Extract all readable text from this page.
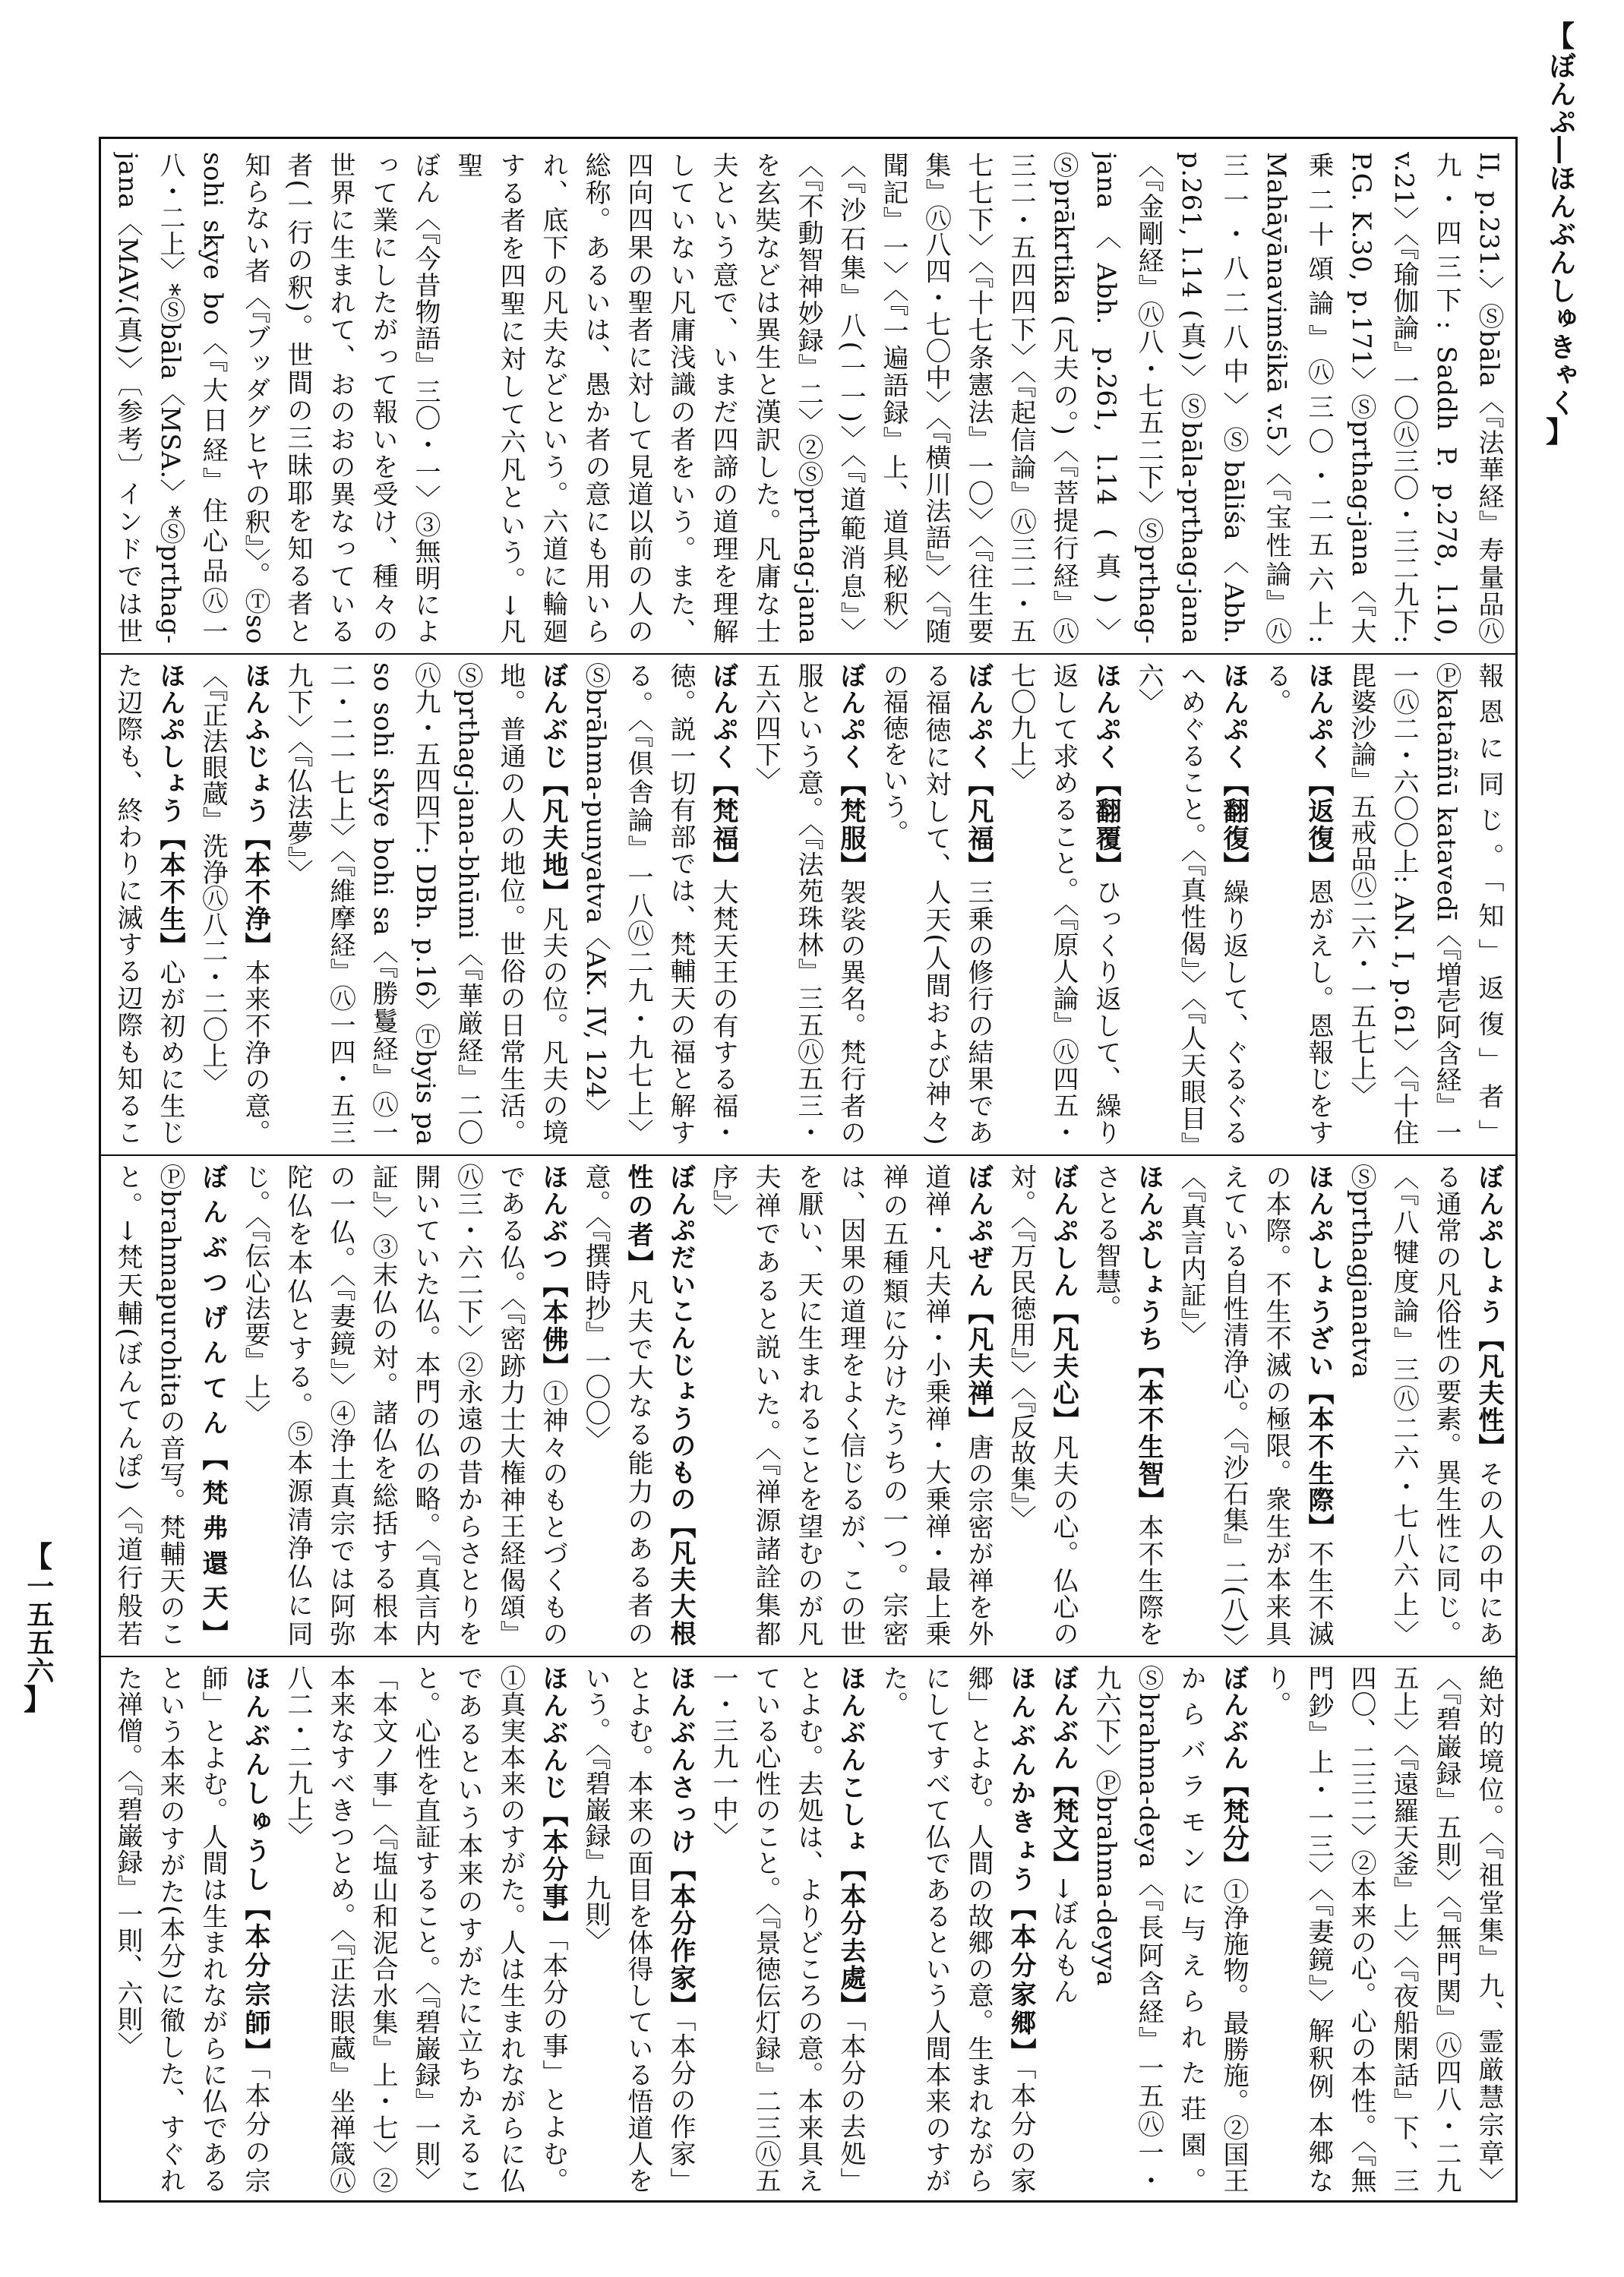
【
ぼんぷ―ほんぶんしゅきゃく
】
【
一五五六
】

II, p.231.〉Ⓢbāla〈『法華経』寿量品㊇九・四三下: Saddh P. p.278, l.10, v.21〉〈『瑜伽論』一〇㊇三〇・三二九下: P.G. K.30, p.171〉Ⓢprthag-jana〈『大乗二十頌論』㊇三〇・二五六上: Mahāyānavimśikā v.5〉〈『宝性論』㊇三一・八二八中〉Ⓢbāliśa〈Abh. p.261, l.14 (真)〉Ⓢbāla-prthag-jana〈『金剛経』㊇八・七五二下〉Ⓢprthag-jana〈Abh. p.261, l.14 (真)〉Ⓢprākrtika (凡夫の。)〈『菩提行経』㊇三二・五四四下〉〈『起信論』㊇三二・五七七下〉〈『十七条憲法』一〇〉〈『往生要集』㊇八四・七〇中〉〈『横川法語』〉〈『随聞記』一〉〈『一遍語録』上、道具秘釈〉〈『沙石集』八(一一)〉〈『道範消息』〉〈『不動智神妙録』二〉②Ⓢprthag-janaを玄奘などは異生と漢訳した。凡庸な士夫という意で、いまだ四諦の道理を理解していない凡庸浅識の者をいう。また、四向四果の聖者に対して見道以前の人の総称。あるいは、愚か者の意にも用いられ、底下の凡夫などという。六道に輪廻する者を四聖に対して六凡という。→凡聖

ぼん〈『今昔物語』三〇・一〉③無明によって業にしたがって報いを受け、種々の世界に生まれて、おのおの異なっている者(一行の釈)。世間の三昧耶を知る者と知らない者〈『ブッダグヒヤの釈』〉。Ⓣso sohi skye bo〈『大日経』住心品㊇一八・二上〉*Ⓢbāla〈MSA.〉*Ⓢprthag-jana〈MAV.(真)〉〔参考〕インドでは世

報恩に同じ。「知」返復」者」Ⓟkataññū katavedī〈『増壱阿含経』一一㊇二・六〇〇上: AN. I, p.61〉〈『十住毘婆沙論』五戒品㊇二六・一五七上〉

ほんぷく【返復】恩がえし。恩報じをする。

ほんぷく【翻復】繰り返して、ぐるぐるへめぐること。〈『真性偈』〉〈『人天眼目』六〉

ほんぷく【翻覆】ひっくり返して、繰り返して求めること。〈『原人論』㊇四五・七〇九上〉

ぼんぷく【凡福】三乗の修行の結果である福徳に対して、人天(人間および神々)の福徳をいう。

ぼんぷく【梵服】袈裟の異名。梵行者の服という意。〈『法苑珠林』三五㊇五三・五六四下〉

ぼんぷく【梵福】大梵天王の有する福・徳。説一切有部では、梵輔天の福と解する。〈『倶舎論』一八㊇二九・九七上〉Ⓢbrāhma-punyatva〈AK. IV, 124〉

ぼんぶじ【凡夫地】凡夫の位。凡夫の境地。普通の人の地位。世俗の日常生活。Ⓢprthag-jana-bhūmi〈『華厳経』二〇㊇九・五四四下: DBh. p.16〉Ⓣbyis pa so sohi skye bohi sa〈『勝鬘経』㊇一二・二一七上〉〈『維摩経』㊇一四・五三九下〉〈『仏法夢』〉

ほんふじょう【本不浄】本来不浄の意。〈『正法眼蔵』洗浄㊇八二・二〇上〉

ほんぷしょう【本不生】心が初めに生じた辺際も、終わりに滅する辺際も知るこ

ぼんぷしょう【凡夫性】その人の中にある通常の凡俗性の要素。異生性に同じ。〈『八犍度論』三㊇二六・七八六上〉Ⓢprthagjanatva

ほんぷしょうざい【本不生際】不生不滅の本際。不生不滅の極限。衆生が本来具えている自性清浄心。〈『沙石集』二(八)〉〈『真言内証』〉

ほんぷしょうち【本不生智】本不生際をさとる智慧。

ぼんぷしん【凡夫心】凡夫の心。仏心の対。〈『万民徳用』〉〈『反故集』〉

ぼんぷぜん【凡夫禅】唐の宗密が禅を外道禅・凡夫禅・小乗禅・大乗禅・最上乗禅の五種類に分けたうちの一つ。宗密は、因果の道理をよく信じるが、この世を厭い、天に生まれることを望むのが凡夫禅であると説いた。〈『禅源諸詮集都序』〉

ぼんぷだいこんじょうのもの【凡夫大根性の者】凡夫で大なる能力のある者の意。〈『撰時抄』一〇〇〉

ほんぶつ【本佛】①神々のもとづくものである仏。〈『密跡力士大権神王経偈頌』㊇三・六二下〉②永遠の昔からさとりを開いていた仏。本門の仏の略。〈『真言内証』〉③末仏の対。諸仏を総括する根本の一仏。〈『妻鏡』〉④浄土真宗では阿弥陀仏を本仏とする。⑤本源清浄仏に同じ。〈『伝心法要』上〉

ぼんぶつげんてん【梵弗還天】Ⓟbrahmapurohitaの音写。梵輔天のこと。→梵天輔(ぼんてんぽ)〈『道行般若

絶対的境位。〈『祖堂集』九、霊厳慧宗章〉〈『碧巌録』五則〉〈『無門関』㊇四八・二九五上〉〈『遠羅天釜』上〉〈『夜船閑話』下、三四〇、二三二〉②本来の心。心の本性。〈『無門鈔』上・一三〉〈『妻鏡』〉解釈例 本郷なり。

ぼんぶん【梵分】①浄施物。最勝施。②国王からバラモンに与えられた荘園。Ⓢbrahma-deya〈『長阿含経』一五㊇一・九六下〉Ⓟbrahma-deyya

ぼんぶん【梵文】→ぼんもん

ほんぶんかきょう【本分家郷】「本分の家郷」とよむ。人間の故郷の意。生まれながらにしてすべて仏であるという人間本来のすがた。

ほんぶんこしょ【本分去處】「本分の去処」とよむ。去処は、よりどころの意。本来具えている心性のこと。〈『景徳伝灯録』二三㊇五一・三九一中〉

ほんぶんさっけ【本分作家】「本分の作家」とよむ。本来の面目を体得している悟道人をいう。〈『碧巌録』九則〉

ほんぶんじ【本分事】「本分の事」とよむ。①真実本来のすがた。人は生まれながらに仏であるという本来のすがたに立ちかえること。心性を直証すること。〈『碧巌録』一則〉「本文ノ事」〈『塩山和泥合水集』上・七〉②本来なすべきつとめ。〈『正法眼蔵』坐禅箴㊇八二・二九上〉

ほんぶんしゅうし【本分宗師】「本分の宗師」とよむ。人間は生まれながらに仏であるという本来のすがた(本分)に徹した、すぐれた禅僧。〈『碧巌録』一則、六則〉
